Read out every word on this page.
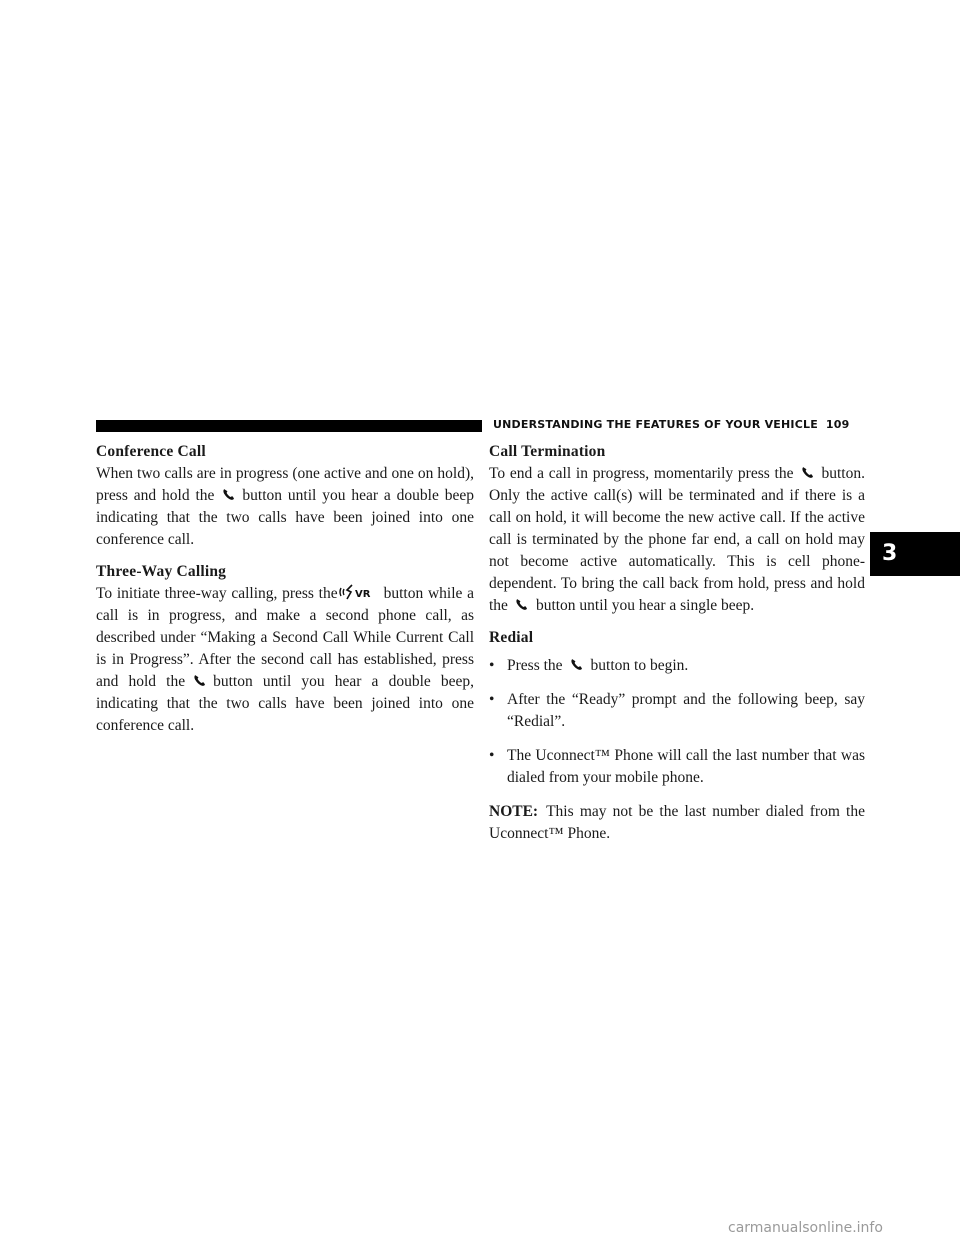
UNDERSTANDING THE FEATURES OF YOUR VEHICLE 109
Conference Call

When two calls are in progress (one active and one on hold), press and hold the button until you hear a double beep indicating that the two calls have been joined into one conference call.

Three-Way Calling

To initiate three-way calling, press the VR button while a call is in progress, and make a second phone call, as described under “Making a Second Call While Current Call is in Progress”. After the second call has established, press and hold the button until you hear a double beep, indicating that the two calls have been joined into one conference call.

Call Termination

To end a call in progress, momentarily press the button. Only the active call(s) will be terminated and if there is a call on hold, it will become the new active call. If the active call is terminated by the phone far end, a call on hold may not become active automatically. This is cell phone-dependent. To bring the call back from hold, press and hold the button until you hear a single beep.

Redial
• Press the button to begin.
• After the “Ready” prompt and the following beep, say “Redial”.
• The Uconnect™ Phone will call the last number that was dialed from your mobile phone.

NOTE: This may not be the last number dialed from the Uconnect™ Phone.

3
carmanualsonline.info
